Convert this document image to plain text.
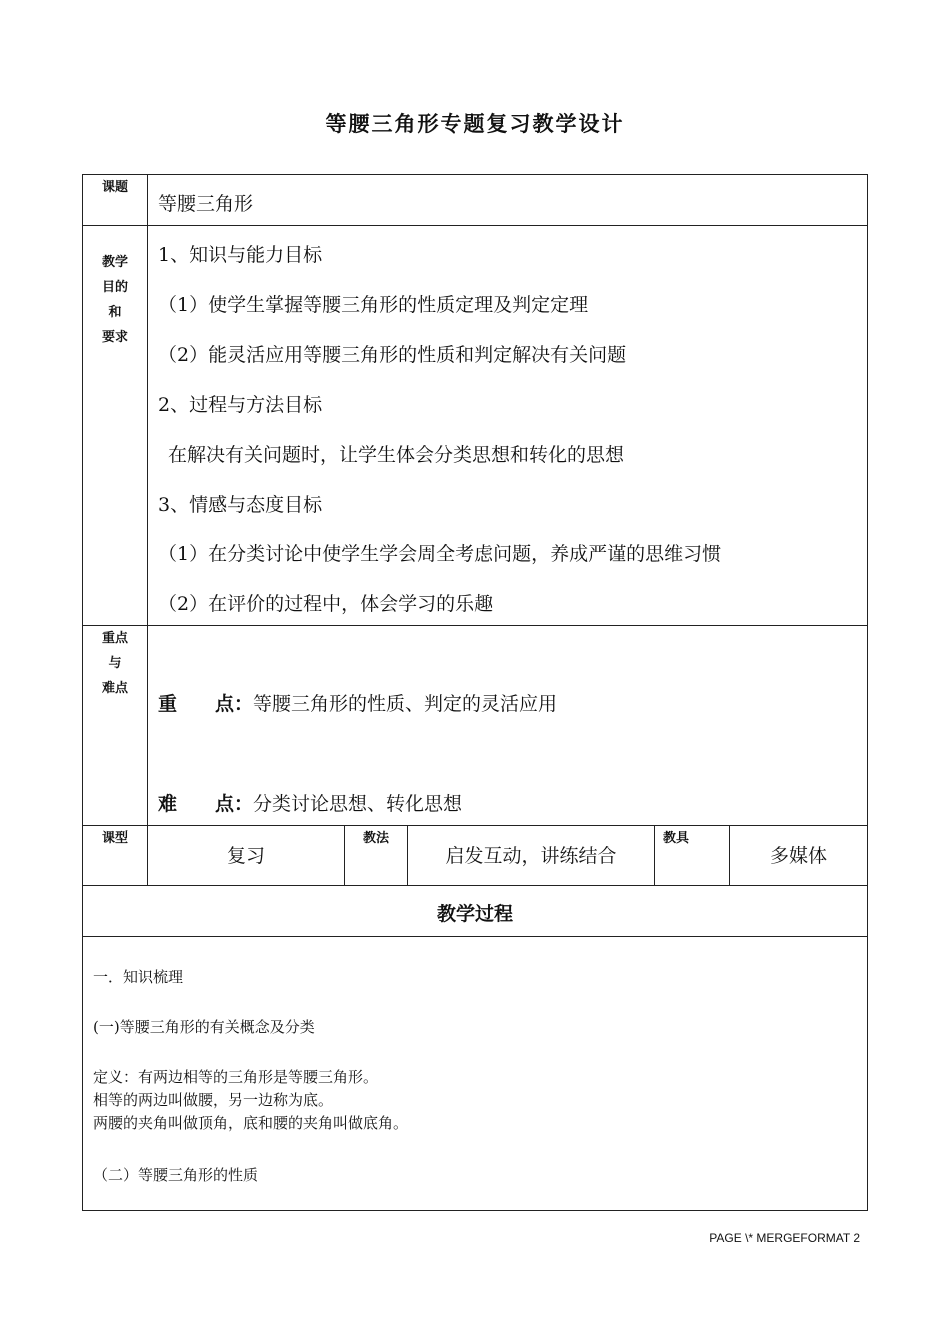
等腰三角形专题复习教学设计
课题
等腰三角形
教学
目的
和
要求
1、知识与能力目标
（1）使学生掌握等腰三角形的性质定理及判定定理
（2）能灵活应用等腰三角形的性质和判定解决有关问题
2、过程与方法目标
在解决有关问题时，让学生体会分类思想和转化的思想
3、情感与态度目标
（1）在分类讨论中使学生学会周全考虑问题，养成严谨的思维习惯
（2）在评价的过程中，体会学习的乐趣
重点
与
难点
重　　点：等腰三角形的性质、判定的灵活应用
难　　点：分类讨论思想、转化思想
课型
复习
教法
启发互动，讲练结合
教具
多媒体
教学过程
一．知识梳理
(一)等腰三角形的有关概念及分类
定义：有两边相等的三角形是等腰三角形。
相等的两边叫做腰，另一边称为底。
两腰的夹角叫做顶角，底和腰的夹角叫做底角。
（二）等腰三角形的性质
PAGE \* MERGEFORMAT 2
